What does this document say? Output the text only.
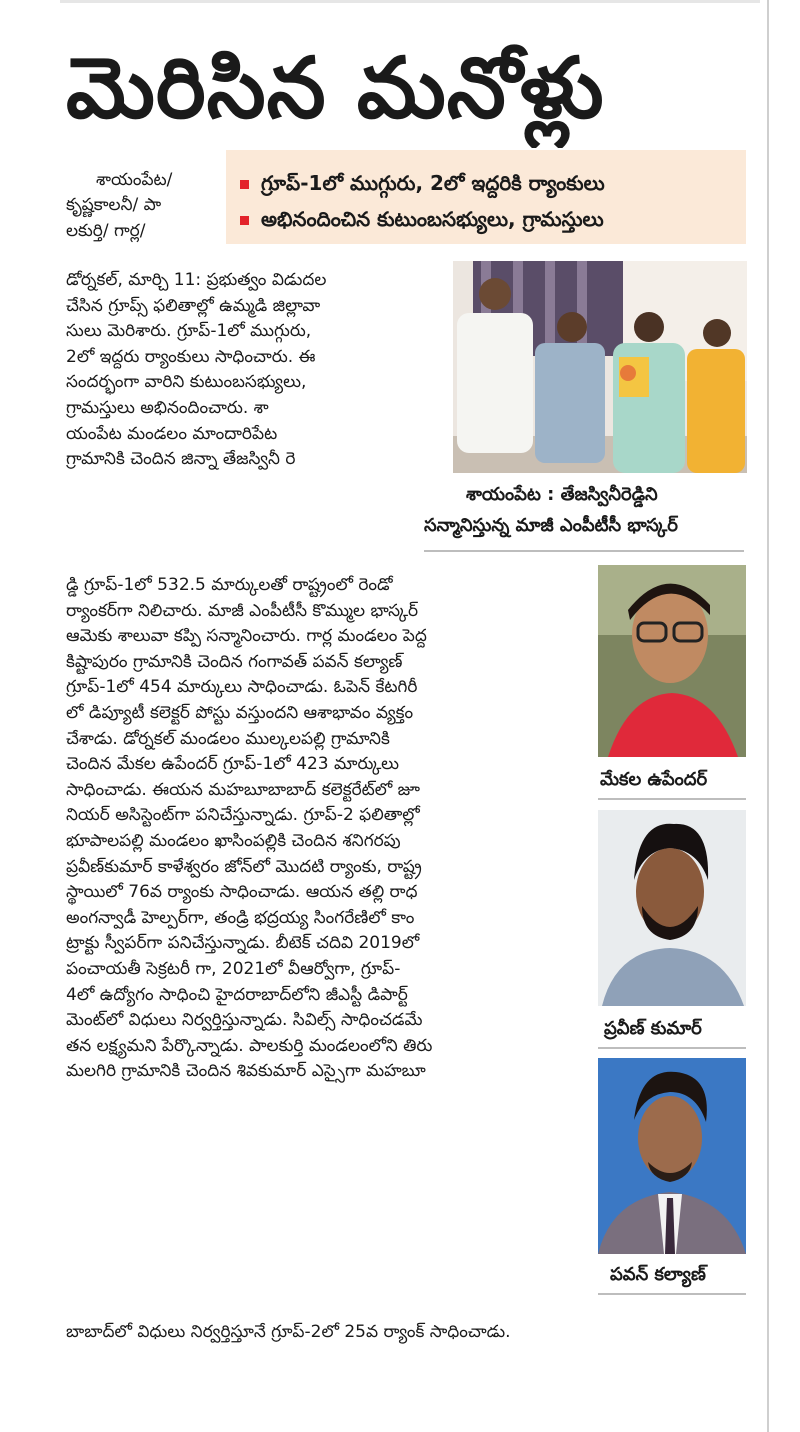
మెరిసిన మనోళ్లు
గ్రూప్‌-1లో ముగ్గురు, 2లో ఇద్దరికి ర్యాంకులు
అభినందించిన కుటుంబసభ్యులు, గ్రామస్తులు
శాయంపేట/
కృష్ణకాలనీ/ పా
లకుర్తి/ గార్ల/
డోర్నకల్‌, మార్చి 11: ప్రభుత్వం విడుదల
చేసిన గ్రూప్స్‌ ఫలితాల్లో ఉమ్మడి జిల్లావా
సులు మెరిశారు. గ్రూప్‌-1లో ముగ్గురు,
2లో ఇద్దరు ర్యాంకులు సాధించారు. ఈ
సందర్భంగా వారిని కుటుంబసభ్యులు,
గ్రామస్తులు అభినందించారు. శా
యంపేట మండలం మాందారిపేట
గ్రామానికి చెందిన జిన్నా తేజస్వినీ రె
డ్డి గ్రూప్‌-1లో 532.5 మార్కులతో రాష్ట్రంలో రెండో
ర్యాంకర్‌గా నిలిచారు. మాజీ ఎంపీటీసీ కొమ్ముల భాస్కర్‌
ఆమెకు శాలువా కప్పి సన్మానించారు. గార్ల మండలం పెద్ద
కిష్టాపురం గ్రామానికి చెందిన గంగావత్‌ పవన్‌ కల్యాణ్‌
గ్రూప్‌-1లో 454 మార్కులు సాధించాడు. ఓపెన్‌ కేటగిరీ
లో డిప్యూటీ కలెక్టర్‌ పోస్టు వస్తుందని ఆశాభావం వ్యక్తం
చేశాడు. డోర్నకల్‌ మండలం ముల్కలపల్లి గ్రామానికి
చెందిన మేకల ఉపేందర్‌ గ్రూప్‌-1లో 423 మార్కులు
సాధించాడు. ఈయన మహబూబాబాద్‌ కలెక్టరేట్‌లో జూ
నియర్‌ అసిస్టెంట్‌గా పనిచేస్తున్నాడు. గ్రూప్‌-2 ఫలితాల్లో
భూపాలపల్లి మండలం ఖాసింపల్లికి చెందిన శనిగరపు
ప్రవీణ్‌కుమార్‌ కాళేశ్వరం జోన్‌లో మొదటి ర్యాంకు, రాష్ట్ర
స్థాయిలో 76వ ర్యాంకు సాధించాడు. ఆయన తల్లి రాధ
అంగన్వాడీ హెల్పర్‌గా, తండ్రి భద్రయ్య సింగరేణిలో కాం
ట్రాక్టు స్వీపర్‌గా పనిచేస్తున్నాడు. బీటెక్‌ చదివి 2019లో
పంచాయతీ సెక్రటరీ గా, 2021లో వీఆర్వోగా, గ్రూప్‌-
4లో ఉద్యోగం సాధించి హైదరాబాద్‌లోని జీఎస్టీ డిపార్ట్‌
మెంట్‌లో విధులు నిర్వర్తిస్తున్నాడు. సివిల్స్‌ సాధించడమే
తన లక్ష్యమని పేర్కొన్నాడు. పాలకుర్తి మండలంలోని తిరు
మలగిరి గ్రామానికి చెందిన శివకుమార్‌ ఎస్సైగా మహబూ
బాబాద్‌లో విధులు నిర్వర్తిస్తూనే గ్రూప్‌-2లో 25వ ర్యాంక్‌ సాధించాడు.
శాయంపేట : తేజస్వినీరెడ్డిని
సన్మానిస్తున్న మాజీ ఎంపీటీసీ భాస్కర్‌
మేకల ఉపేందర్‌
ప్రవీణ్‌ కుమార్‌
పవన్‌ కల్యాణ్‌
